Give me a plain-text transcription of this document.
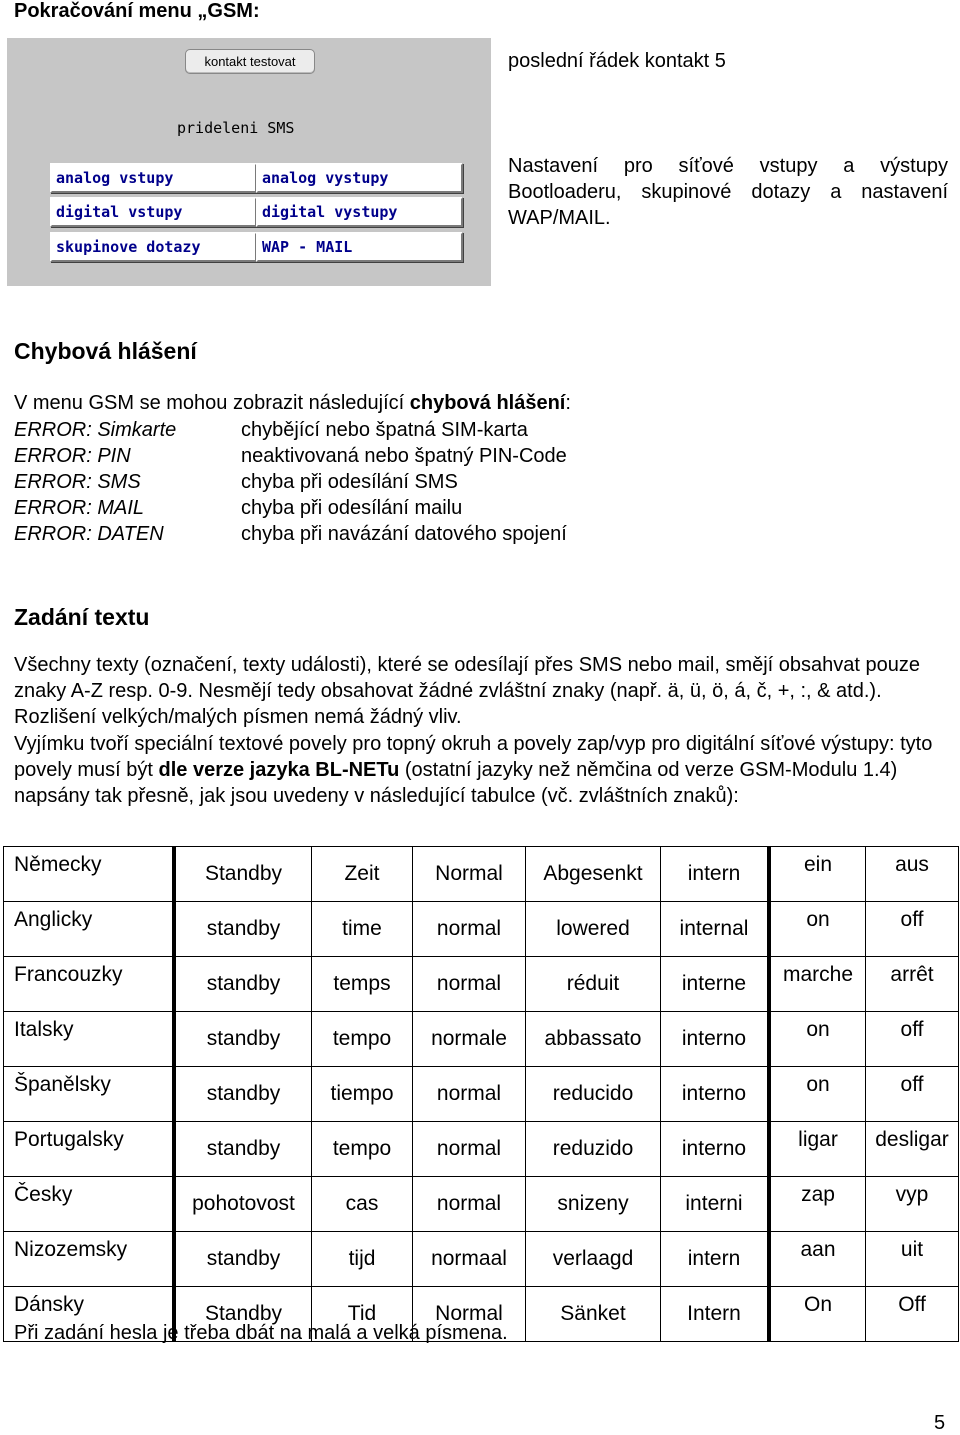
Pokračování menu „GSM:
kontakt testovat
prideleni SMS
analog vstupy	analog vystupy
digital vstupy	digital vystupy
skupinove dotazy	WAP - MAIL
poslední řádek kontakt 5
Nastavení pro síťové vstupy a výstupy Bootloaderu, skupinové dotazy a nastavení WAP/MAIL.
Chybová hlášení
V menu GSM se mohou zobrazit následující chybová hlášení:
ERROR: Simkarte	chybějící nebo špatná SIM-karta
ERROR: PIN	neaktivovaná nebo špatný PIN-Code
ERROR: SMS	chyba při odesílání SMS
ERROR: MAIL	chyba při odesílání mailu
ERROR: DATEN	chyba při navázání datového spojení
Zadání textu
Všechny texty (označení, texty události), které se odesílají přes SMS nebo mail, smějí obsahvat pouze znaky A-Z resp. 0-9. Nesmějí tedy obsahovat žádné zvláštní znaky (např. ä, ü, ö, á, č, +, :, & atd.). Rozlišení velkých/malých písmen nemá žádný vliv.
Vyjímku tvoří speciální textové povely pro topný okruh a povely zap/vyp pro digitální síťové výstupy: tyto povely musí být dle verze jazyka BL-NETu (ostatní jazyky než němčina od verze GSM-Modulu 1.4) napsány tak přesně, jak jsou uvedeny v následující tabulce (vč. zvláštních znaků):
Německy	Standby	Zeit	Normal	Abgesenkt	intern	ein	aus
Anglicky	standby	time	normal	lowered	internal	on	off
Francouzky	standby	temps	normal	réduit	interne	marche	arrêt
Italsky	standby	tempo	normale	abbassato	interno	on	off
Španělsky	standby	tiempo	normal	reducido	interno	on	off
Portugalsky	standby	tempo	normal	reduzido	interno	ligar	desligar
Česky	pohotovost	cas	normal	snizeny	interni	zap	vyp
Nizozemsky	standby	tijd	normaal	verlaagd	intern	aan	uit
Dánsky	Standby	Tid	Normal	Sänket	Intern	On	Off
Při zadání hesla je třeba dbát na malá a velká písmena.
5
